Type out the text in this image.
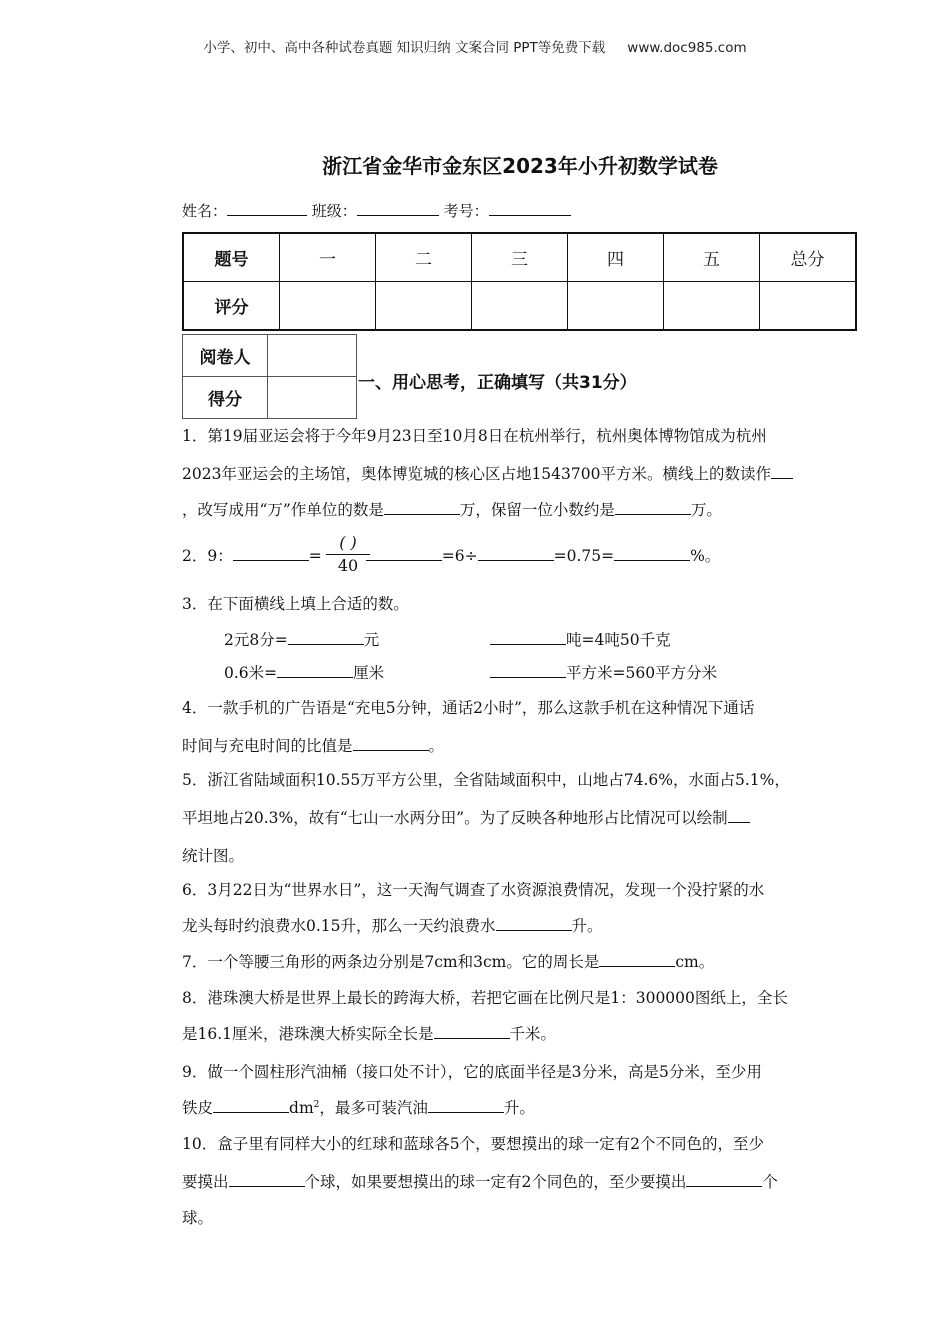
小学、初中、高中各种试卷真题 知识归纳 文案合同 PPT等免费下载 www.doc985.com
浙江省金华市金东区2023年小升初数学试卷
姓名：	班级：	考号：
题号	一	二	三	四	五	总分
评分						
阅卷人	
得分	
一、用心思考，正确填写（共31分）
1．第19届亚运会将于今年9月23日至10月8日在杭州举行，杭州奥体博物馆成为杭州
2023年亚运会的主场馆，奥体博览城的核心区占地1543700平方米。横线上的数读作
，改写成用“万”作单位的数是	万，保留一位小数约是	万。
2．9：	=	=6÷	=0.75=	%。
( )
40
3．在下面横线上填上合适的数。
2元8分=	元	吨=4吨50千克
0.6米=	厘米	平方米=560平方分米
4．一款手机的广告语是“充电5分钟，通话2小时”，那么这款手机在这种情况下通话
时间与充电时间的比值是	。
5．浙江省陆域面积10.55万平方公里，全省陆域面积中，山地占74.6%，水面占5.1%，
平坦地占20.3%，故有“七山一水两分田”。为了反映各种地形占比情况可以绘制
统计图。
6．3月22日为“世界水日”，这一天淘气调查了水资源浪费情况，发现一个没拧紧的水
龙头每时约浪费水0.15升，那么一天约浪费水	升。
7．一个等腰三角形的两条边分别是7cm和3cm。它的周长是	cm。
8．港珠澳大桥是世界上最长的跨海大桥，若把它画在比例尺是1：300000图纸上，全长
是16.1厘米，港珠澳大桥实际全长是	千米。
9．做一个圆柱形汽油桶（接口处不计），它的底面半径是3分米，高是5分米，至少用
铁皮	$dm^2$，最多可装汽油	升。
10．盒子里有同样大小的红球和蓝球各5个，要想摸出的球一定有2个不同色的，至少
要摸出	个球，如果要想摸出的球一定有2个同色的，至少要摸出	个
球。
